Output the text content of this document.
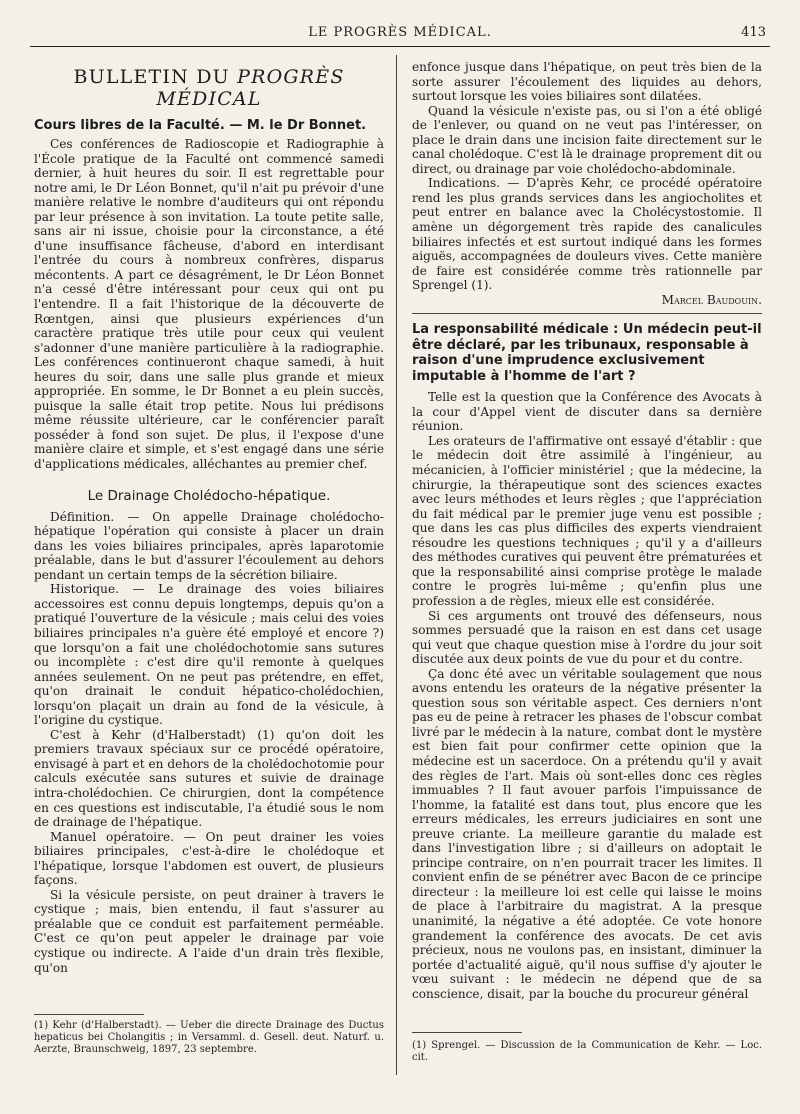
LE PROGRÈS MÉDICAL.	413
BULLETIN DU PROGRÈS MÉDICAL
Cours libres de la Faculté. — M. le Dr Bonnet.

Ces conférences de Radioscopie et Radiographie à l'École pratique de la Faculté ont commencé samedi dernier, à huit heures du soir. Il est regrettable pour notre ami, le Dr Léon Bonnet, qu'il n'ait pu prévoir d'une manière relative le nombre d'auditeurs qui ont répondu par leur présence à son invitation. La toute petite salle, sans air ni issue, choisie pour la circonstance, a été d'une insuffisance fâcheuse, d'abord en interdisant l'entrée du cours à nombreux confrères, disparus mécontents. A part ce désagrément, le Dr Léon Bonnet n'a cessé d'être intéressant pour ceux qui ont pu l'entendre. Il a fait l'historique de la découverte de Rœntgen, ainsi que plusieurs expériences d'un caractère pratique très utile pour ceux qui veulent s'adonner d'une manière particulière à la radiographie. Les conférences continueront chaque samedi, à huit heures du soir, dans une salle plus grande et mieux appropriée. En somme, le Dr Bonnet a eu plein succès, puisque la salle était trop petite. Nous lui prédisons même réussite ultérieure, car le conférencier paraît posséder à fond son sujet. De plus, il l'expose d'une manière claire et simple, et s'est engagé dans une série d'applications médicales, alléchantes au premier chef.

Le Drainage Cholédocho-hépatique.

Définition. — On appelle Drainage cholédocho-hépatique l'opération qui consiste à placer un drain dans les voies biliaires principales, après laparotomie préalable, dans le but d'assurer l'écoulement au dehors pendant un certain temps de la sécrétion biliaire.

Historique. — Le drainage des voies biliaires accessoires est connu depuis longtemps, depuis qu'on a pratiqué l'ouverture de la vésicule ; mais celui des voies biliaires principales n'a guère été employé et encore ?) que lorsqu'on a fait une cholédochotomie sans sutures ou incomplète : c'est dire qu'il remonte à quelques années seulement. On ne peut pas prétendre, en effet, qu'on drainait le conduit hépatico-cholédochien, lorsqu'on plaçait un drain au fond de la vésicule, à l'origine du cystique.

C'est à Kehr (d'Halberstadt) (1) qu'on doit les premiers travaux spéciaux sur ce procédé opératoire, envisagé à part et en dehors de la cholédochotomie pour calculs exécutée sans sutures et suivie de drainage intra-cholédochien. Ce chirurgien, dont la compétence en ces questions est indiscutable, l'a étudié sous le nom de drainage de l'hépatique.

Manuel opératoire. — On peut drainer les voies biliaires principales, c'est-à-dire le cholédoque et l'hépatique, lorsque l'abdomen est ouvert, de plusieurs façons.

Si la vésicule persiste, on peut drainer à travers le cystique ; mais, bien entendu, il faut s'assurer au préalable que ce conduit est parfaitement perméable. C'est ce qu'on peut appeler le drainage par voie cystique ou indirecte. A l'aide d'un drain très flexible, qu'on

enfonce jusque dans l'hépatique, on peut très bien de la sorte assurer l'écoulement des liquides au dehors, surtout lorsque les voies biliaires sont dilatées.

Quand la vésicule n'existe pas, ou si l'on a été obligé de l'enlever, ou quand on ne veut pas l'intéresser, on place le drain dans une incision faite directement sur le canal cholédoque. C'est là le drainage proprement dit ou direct, ou drainage par voie cholédocho-abdominale.

Indications. — D'après Kehr, ce procédé opératoire rend les plus grands services dans les angiocholites et peut entrer en balance avec la Cholécystostomie. Il amène un dégorgement très rapide des canalicules biliaires infectés et est surtout indiqué dans les formes aiguës, accompagnées de douleurs vives. Cette manière de faire est considérée comme très rationnelle par Sprengel (1).

Marcel Baudouin.
La responsabilité médicale : Un médecin peut-il être déclaré, par les tribunaux, responsable à raison d'une imprudence exclusivement imputable à l'homme de l'art ?

Telle est la question que la Conférence des Avocats à la cour d'Appel vient de discuter dans sa dernière réunion.

Les orateurs de l'affirmative ont essayé d'établir : que le médecin doit être assimilé à l'ingénieur, au mécanicien, à l'officier ministériel ; que la médecine, la chirurgie, la thérapeutique sont des sciences exactes avec leurs méthodes et leurs règles ; que l'appréciation du fait médical par le premier juge venu est possible ; que dans les cas plus difficiles des experts viendraient résoudre les questions techniques ; qu'il y a d'ailleurs des méthodes curatives qui peuvent être prématurées et que la responsabilité ainsi comprise protège le malade contre le progrès lui-même ; qu'enfin plus une profession a de règles, mieux elle est considérée.

Si ces arguments ont trouvé des défenseurs, nous sommes persuadé que la raison en est dans cet usage qui veut que chaque question mise à l'ordre du jour soit discutée aux deux points de vue du pour et du contre.

Ça donc été avec un véritable soulagement que nous avons entendu les orateurs de la négative présenter la question sous son véritable aspect. Ces derniers n'ont pas eu de peine à retracer les phases de l'obscur combat livré par le médecin à la nature, combat dont le mystère est bien fait pour confirmer cette opinion que la médecine est un sacerdoce. On a prétendu qu'il y avait des règles de l'art. Mais où sont-elles donc ces règles immuables ? Il faut avouer parfois l'impuissance de l'homme, la fatalité est dans tout, plus encore que les erreurs médicales, les erreurs judiciaires en sont une preuve criante. La meilleure garantie du malade est dans l'investigation libre ; si d'ailleurs on adoptait le principe contraire, on n'en pourrait tracer les limites. Il convient enfin de se pénétrer avec Bacon de ce principe directeur : la meilleure loi est celle qui laisse le moins de place à l'arbitraire du magistrat. A la presque unanimité, la négative a été adoptée. Ce vote honore grandement la conférence des avocats. De cet avis précieux, nous ne voulons pas, en insistant, diminuer la portée d'actualité aiguë, qu'il nous suffise d'y ajouter le vœu suivant : le médecin ne dépend que de sa conscience, disait, par la bouche du procureur général

(1) Kehr (d'Halberstadt). — Ueber die directe Drainage des Ductus hepaticus bei Cholangitis ; in Versamml. d. Gesell. deut. Naturf. u. Aerzte, Braunschweig, 1897, 23 septembre.	(1) Sprengel. — Discussion de la Communication de Kehr. — Loc. cit.
